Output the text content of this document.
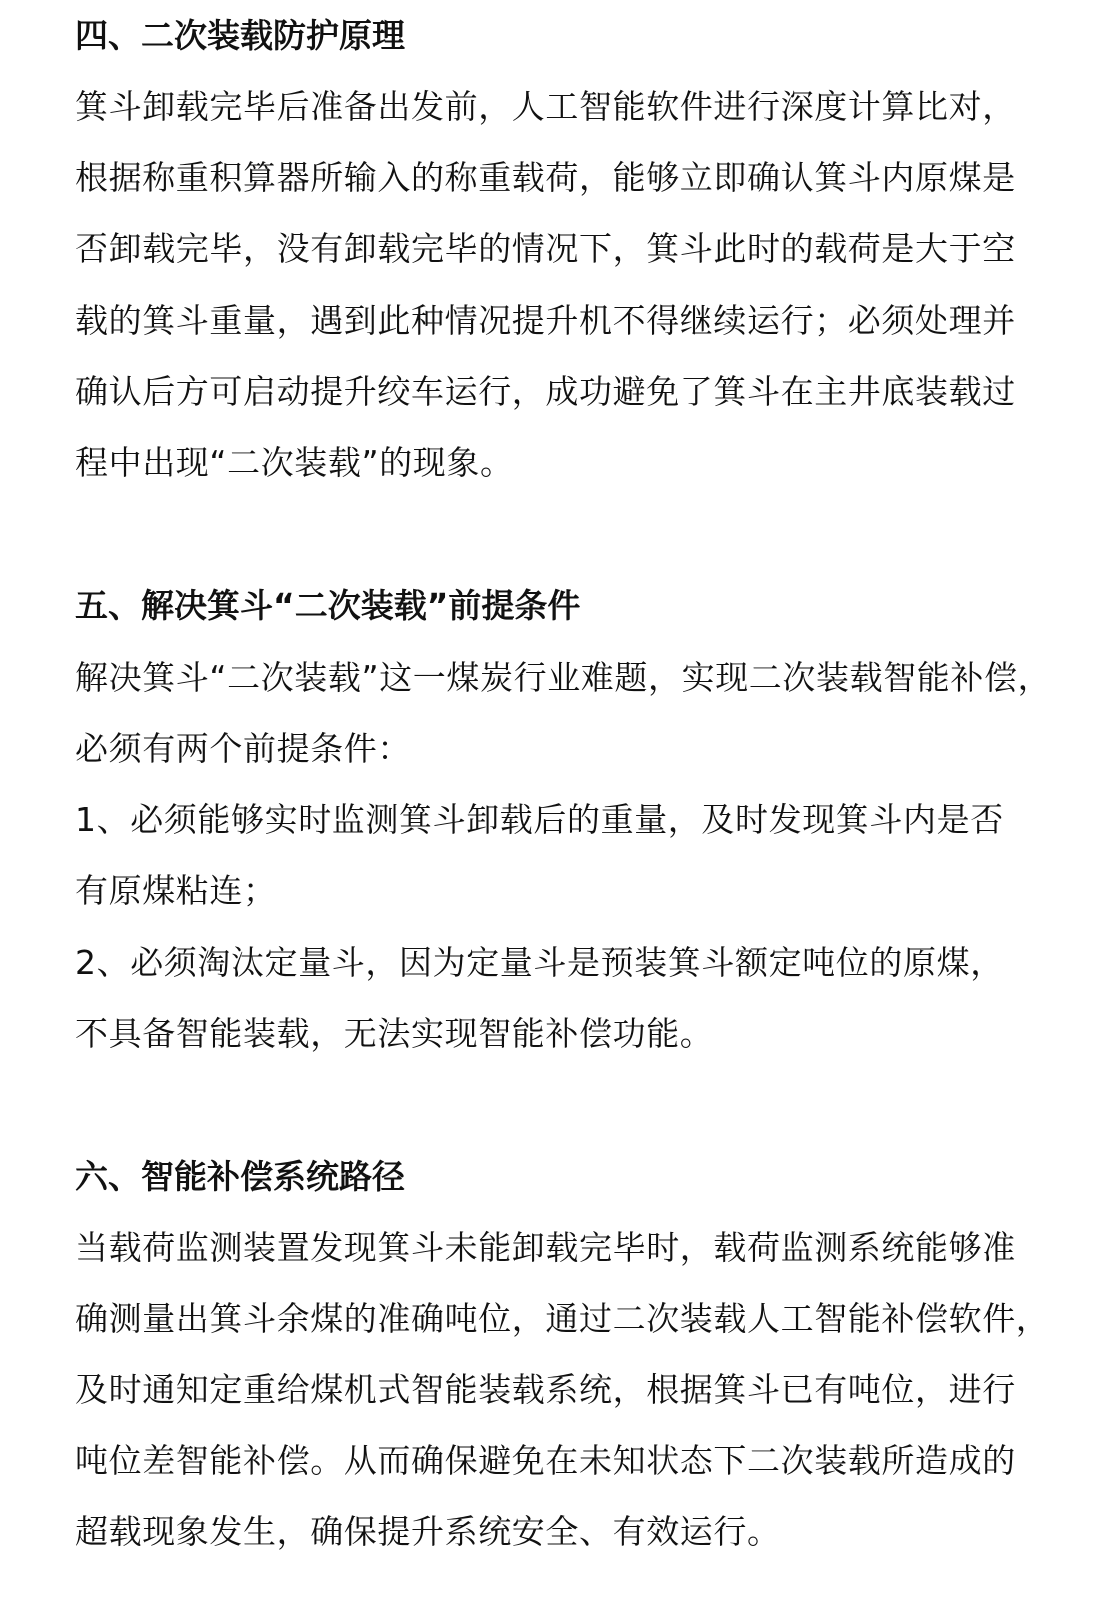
四、二次装载防护原理
箕斗卸载完毕后准备出发前，人工智能软件进行深度计算比对，
根据称重积算器所输入的称重载荷，能够立即确认箕斗内原煤是
否卸载完毕，没有卸载完毕的情况下，箕斗此时的载荷是大于空
载的箕斗重量，遇到此种情况提升机不得继续运行；必须处理并
确认后方可启动提升绞车运行，成功避免了箕斗在主井底装载过
程中出现“二次装载”的现象。
五、解决箕斗“二次装载”前提条件
解决箕斗“二次装载”这一煤炭行业难题，实现二次装载智能补偿，
必须有两个前提条件：
1、必须能够实时监测箕斗卸载后的重量，及时发现箕斗内是否
有原煤粘连；
2、必须淘汰定量斗，因为定量斗是预装箕斗额定吨位的原煤，
不具备智能装载，无法实现智能补偿功能。
六、智能补偿系统路径
当载荷监测装置发现箕斗未能卸载完毕时，载荷监测系统能够准
确测量出箕斗余煤的准确吨位，通过二次装载人工智能补偿软件，
及时通知定重给煤机式智能装载系统，根据箕斗已有吨位，进行
吨位差智能补偿。从而确保避免在未知状态下二次装载所造成的
超载现象发生，确保提升系统安全、有效运行。
